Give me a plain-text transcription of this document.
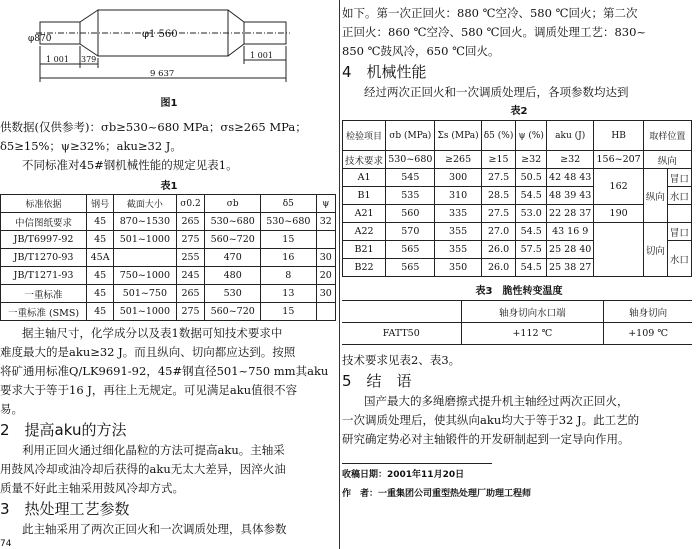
φ870	φ1 560
1 001 379	1 001
9 637

图1

供数据(仅供参考)：σb≥530~680 MPa；σs≥265 MPa；

δ5≥15%；ψ≥32%；aku≥32 J。

不同标准对45#钢机械性能的规定见表1。

表1

标准依据	钢号	截面大小	σ0.2	σb	δ5	ψ
中信图纸要求	45	870~1530	265	530~680	530~680	32
JB/T6997-92	45	501~1000	275	560~720	15	
JB/T1270-93	45A		255	470	16	30
JB/T1271-93	45	750~1000	245	480	8	20
一重标准	45	501~750	265	530	13	30
一重标准 (SMS)	45	501~1000	275	560~720	15	

据主轴尺寸，化学成分以及表1数据可知技术要求中

难度最大的是aku≥32 J。而且纵向、切向都应达到。按照

将矿通用标准Q/LK9691-92，45#钢直径501~750 mm其aku

要求大于等于16 J，再往上无规定。可见满足aku值很不容

易。

2　提高aku的方法

利用正回火通过细化晶粒的方法可提高aku。主轴采

用鼓风冷却或油冷却后获得的aku无太大差异，因淬火油

质量不好此主轴采用鼓风冷却方式。

3　热处理工艺参数

此主轴采用了两次正回火和一次调质处理，具体参数

74

如下。第一次正回火：880 ℃空冷、580 ℃回火；第二次

正回火：860 ℃空冷、580 ℃回火。调质处理工艺：830~

850 ℃鼓风冷，650 ℃回火。

4　机械性能

经过两次正回火和一次调质处理后，各项参数均达到

表2

检验项目	σb (MPa)	Σs (MPa)	δ5 (%)	ψ (%)	aku (J)	HB	取样位置	
技术要求	530~680	≥265	≥15	≥32	≥32	156~207	纵向	
A1	545	300	27.5	50.5	42 48 43	162	纵向	冒口
B1	535	310	28.5	54.5	48 39 43			水口
A21	560	335	27.5	53.0	22 28 37	190		
A22	570	355	27.0	54.5	43 16 9		切向	冒口
B21	565	355	26.0	57.5	25 28 40			水口
B22	565	350	26.0	54.5	25 38 27			

表3　脆性转变温度

	轴身切向水口端	轴身切向
FATT50	+112 ℃	+109 ℃

技术要求见表2、表3。

5　结　语

国产最大的多绳磨擦式提升机主轴经过两次正回火，

一次调质处理后，使其纵向aku均大于等于32 J。此工艺的

研究确定势必对主轴锻件的开发研制起到一定导向作用。

收稿日期：2001年11月20日

作　者：一重集团公司重型热处理厂助理工程师
